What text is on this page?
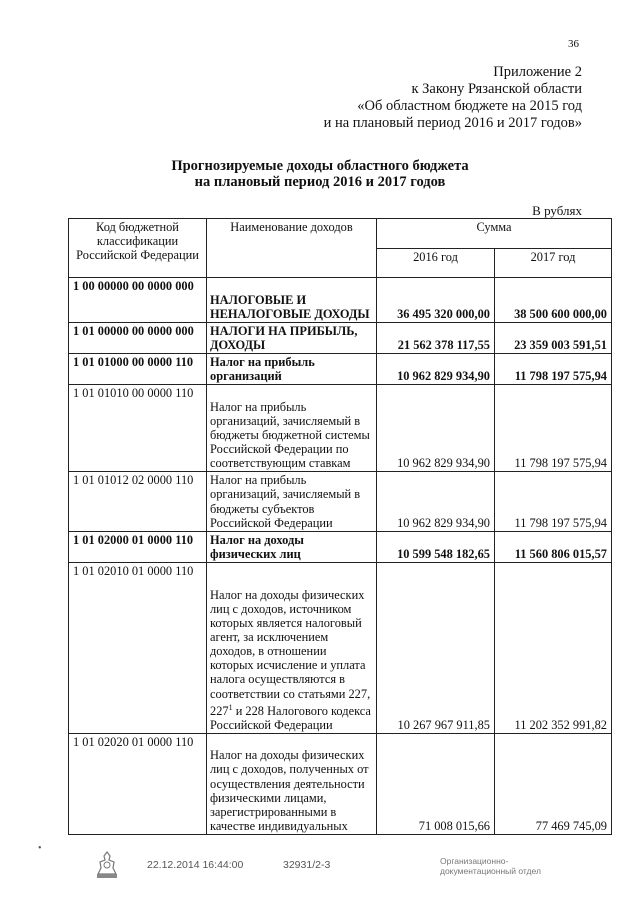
36
Приложение 2
к Закону Рязанской области
«Об областном бюджете на 2015 год
и на плановый период 2016 и 2017 годов»
Прогнозируемые доходы областного бюджета
на плановый период 2016 и 2017 годов
В рублях
Код бюджетной классификации Российской Федерации	Наименование доходов	Сумма	
		2016 год	2017 год
1 00 00000 00 0000 000	НАЛОГОВЫЕ И НЕНАЛОГОВЫЕ ДОХОДЫ	36 495 320 000,00	38 500 600 000,00
1 01 00000 00 0000 000	НАЛОГИ НА ПРИБЫЛЬ, ДОХОДЫ	21 562 378 117,55	23 359 003 591,51
1 01 01000 00 0000 110	Налог на прибыль организаций	10 962 829 934,90	11 798 197 575,94
1 01 01010 00 0000 110	Налог на прибыль организаций, зачисляемый в бюджеты бюджетной системы Российской Федерации по соответствующим ставкам	10 962 829 934,90	11 798 197 575,94
1 01 01012 02 0000 110	Налог на прибыль организаций, зачисляемый в бюджеты субъектов Российской Федерации	10 962 829 934,90	11 798 197 575,94
1 01 02000 01 0000 110	Налог на доходы физических лиц	10 599 548 182,65	11 560 806 015,57
1 01 02010 01 0000 110	Налог на доходы физических лиц с доходов, источником которых является налоговый агент, за исключением доходов, в отношении которых исчисление и уплата налога осуществляются в соответствии со статьями 227, $227^1$ и 228 Налогового кодекса Российской Федерации	10 267 967 911,85	11 202 352 991,82
1 01 02020 01 0000 110	Налог на доходы физических лиц с доходов, полученных от осуществления деятельности физическими лицами, зарегистрированными в качестве индивидуальных	71 008 015,66	77 469 745,09
•
22.12.2014 16:44:00	32931/2-3	Организационно-
документационный отдел
